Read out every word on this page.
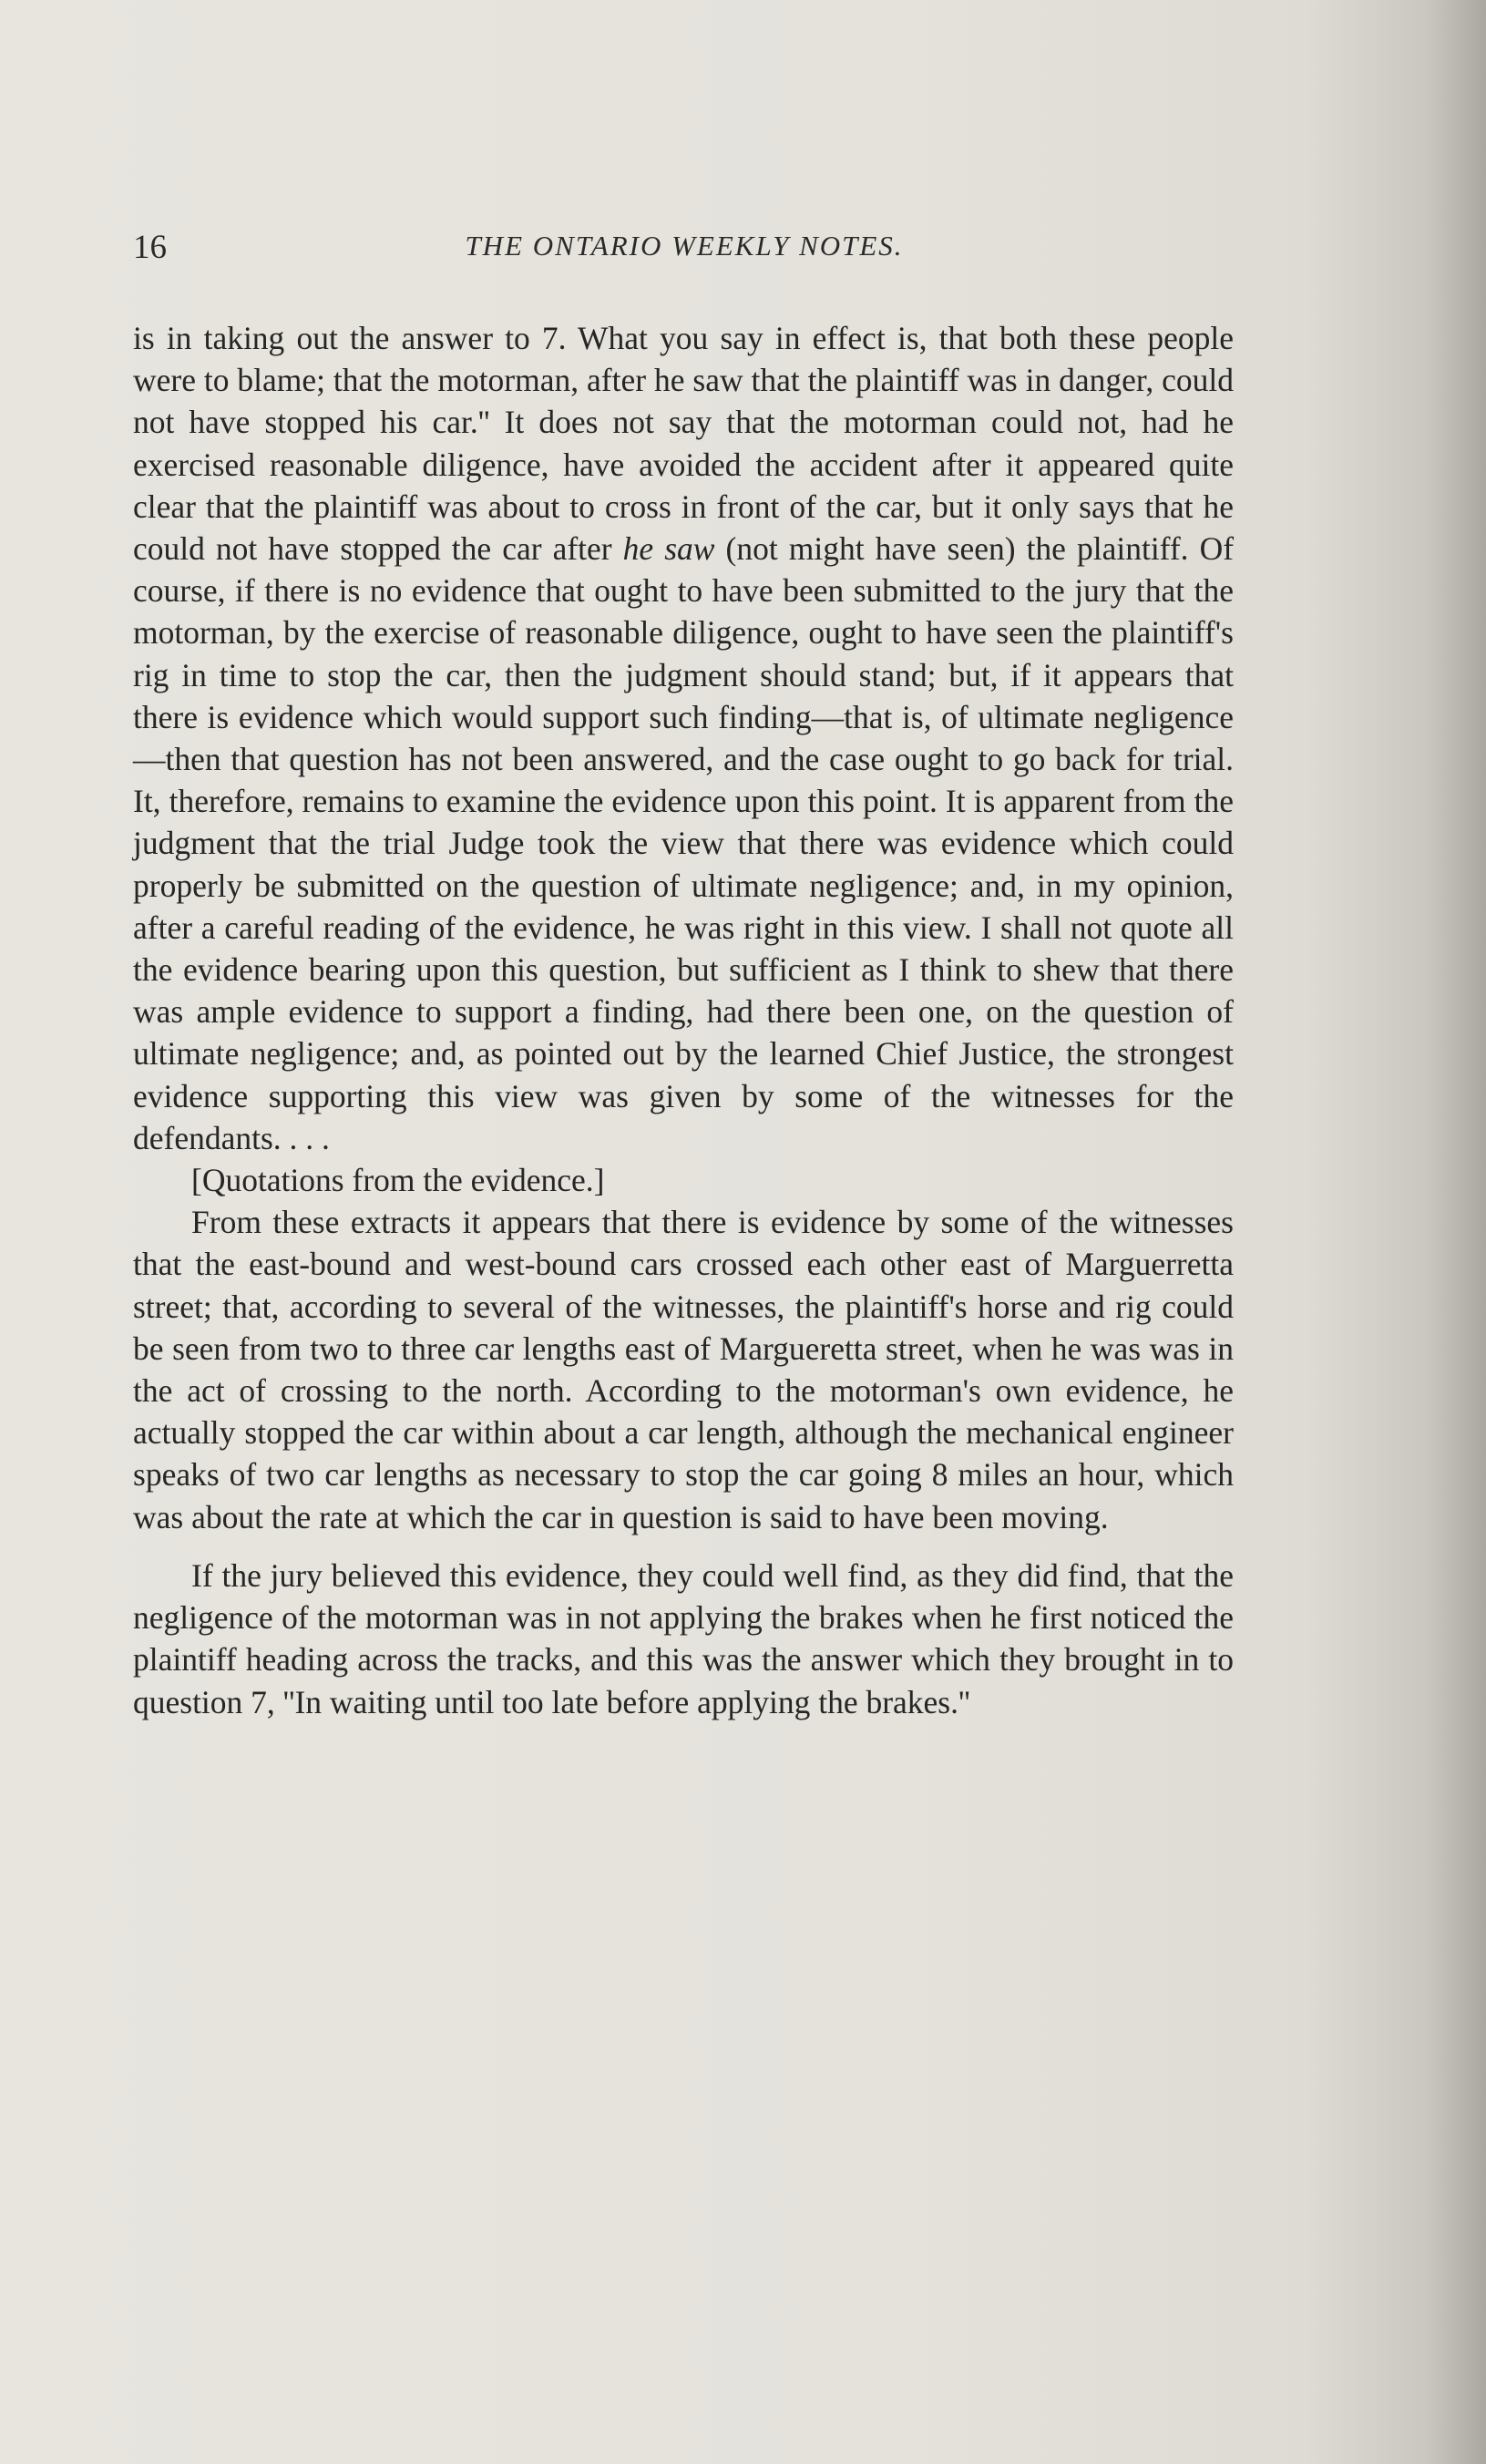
16	THE ONTARIO WEEKLY NOTES.

is in taking out the answer to 7. What you say in effect is, that both these people were to blame; that the motorman, after he saw that the plaintiff was in danger, could not have stopped his car.'' It does not say that the motorman could not, had he exercised reasonable diligence, have avoided the accident after it appeared quite clear that the plaintiff was about to cross in front of the car, but it only says that he could not have stopped the car after he saw (not might have seen) the plaintiff. Of course, if there is no evidence that ought to have been submitted to the jury that the motorman, by the exercise of reasonable diligence, ought to have seen the plaintiff's rig in time to stop the car, then the judgment should stand; but, if it appears that there is evidence which would support such finding—that is, of ultimate negligence—then that question has not been answered, and the case ought to go back for trial. It, therefore, remains to examine the evidence upon this point. It is apparent from the judgment that the trial Judge took the view that there was evidence which could properly be submitted on the question of ultimate negligence; and, in my opinion, after a careful reading of the evidence, he was right in this view. I shall not quote all the evidence bearing upon this question, but sufficient as I think to shew that there was ample evidence to support a finding, had there been one, on the question of ultimate negligence; and, as pointed out by the learned Chief Justice, the strongest evidence supporting this view was given by some of the witnesses for the defendants. . . .

[Quotations from the evidence.]

From these extracts it appears that there is evidence by some of the witnesses that the east-bound and west-bound cars crossed each other east of Marguerretta street; that, according to several of the witnesses, the plaintiff's horse and rig could be seen from two to three car lengths east of Margueretta street, when he was was in the act of crossing to the north. According to the motorman's own evidence, he actually stopped the car within about a car length, although the mechanical engineer speaks of two car lengths as necessary to stop the car going 8 miles an hour, which was about the rate at which the car in question is said to have been moving.

If the jury believed this evidence, they could well find, as they did find, that the negligence of the motorman was in not applying the brakes when he first noticed the plaintiff heading across the tracks, and this was the answer which they brought in to question 7, ''In waiting until too late before applying the brakes.''
